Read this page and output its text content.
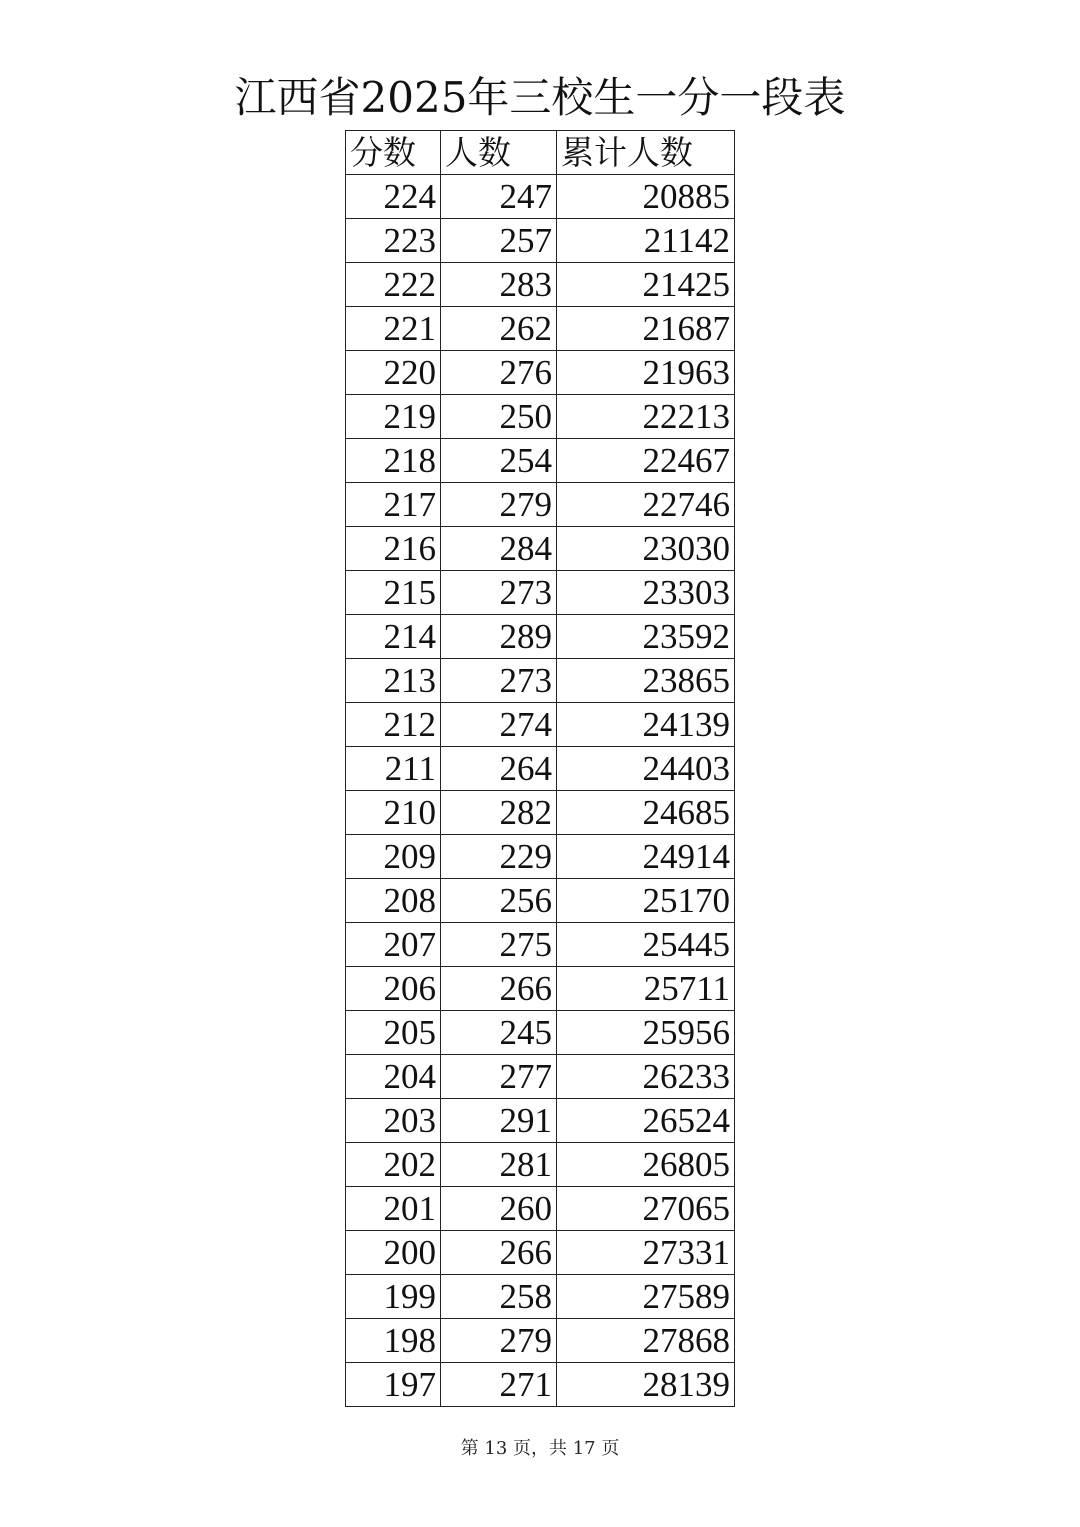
江西省2025年三校生一分一段表
分数	人数	累计人数
224	247	20885
223	257	21142
222	283	21425
221	262	21687
220	276	21963
219	250	22213
218	254	22467
217	279	22746
216	284	23030
215	273	23303
214	289	23592
213	273	23865
212	274	24139
211	264	24403
210	282	24685
209	229	24914
208	256	25170
207	275	25445
206	266	25711
205	245	25956
204	277	26233
203	291	26524
202	281	26805
201	260	27065
200	266	27331
199	258	27589
198	279	27868
197	271	28139
第 13 页，共 17 页
